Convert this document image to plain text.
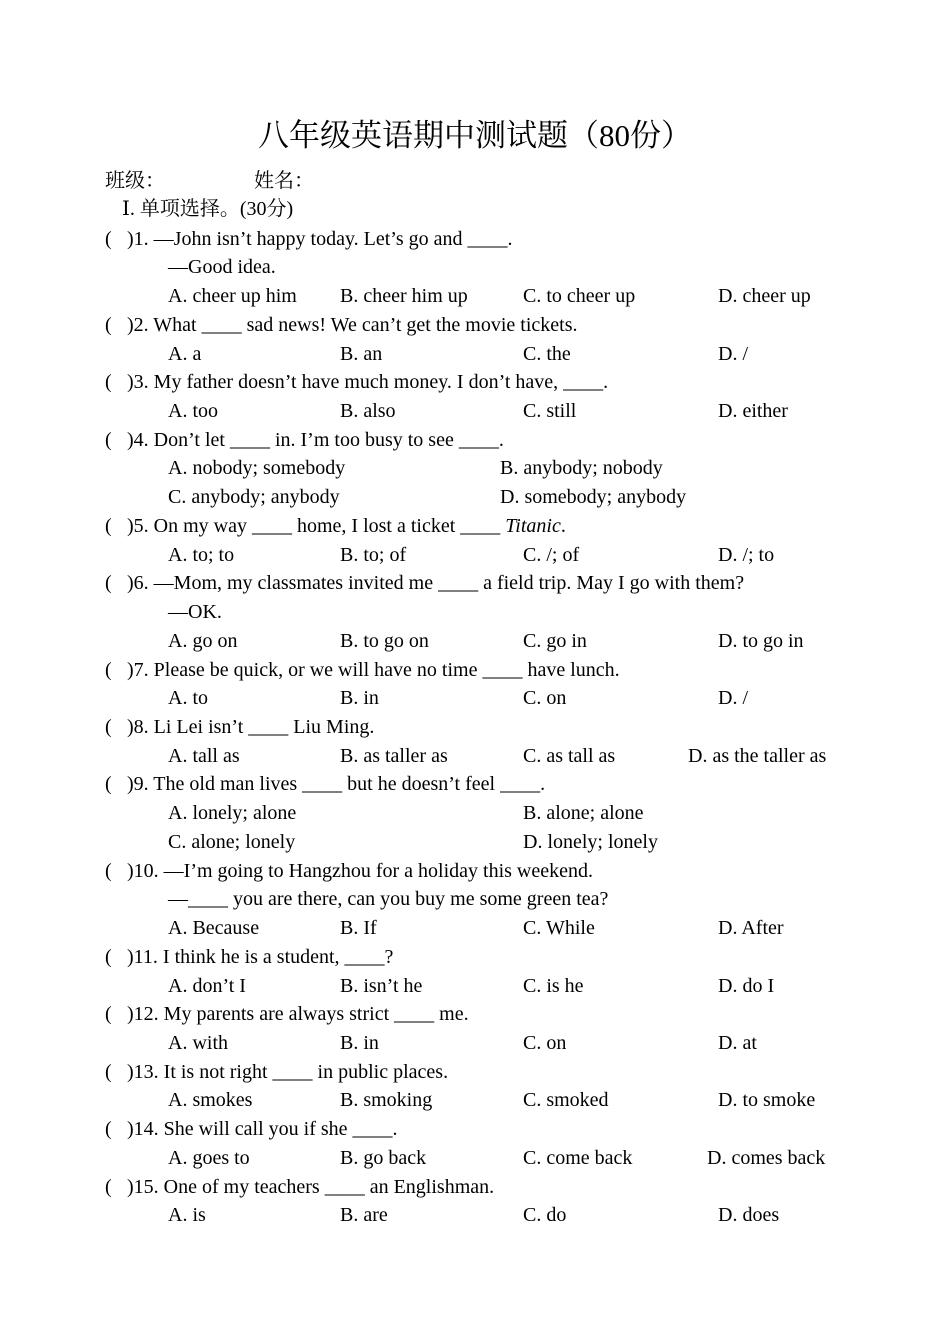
八年级英语期中测试题（80份）
班级：	姓名：
Ⅰ. 单项选择。(30分)
( )1. —John isn’t happy today. Let’s go and ____.
—Good idea.
A. cheer up him B. cheer him up	C. to cheer up	D. cheer up
( )2. What ____ sad news! We can’t get the movie tickets.
A. a	B. an	C. the	D. /
( )3. My father doesn’t have much money. I don’t have, ____.
A. too	B. also	C. still	D. either
( )4. Don’t let ____ in. I’m too busy to see ____.
A. nobody; somebody	B. anybody; nobody
C. anybody; anybody	D. somebody; anybody
( )5. On my way ____ home, I lost a ticket ____ Titanic.
A. to; to	B. to; of	C. /; of	D. /; to
( )6. —Mom, my classmates invited me ____ a field trip. May I go with them?
—OK.
A. go on	B. to go on	C. go in	D. to go in
( )7. Please be quick, or we will have no time ____ have lunch.
A. to	B. in	C. on	D. /
( )8. Li Lei isn’t ____ Liu Ming.
A. tall as	B. as taller as	C. as tall as	D. as the taller as
( )9. The old man lives ____ but he doesn’t feel ____.
A. lonely; alone	B. alone; alone
C. alone; lonely	D. lonely; lonely
( )10. —I’m going to Hangzhou for a holiday this weekend.
—____ you are there, can you buy me some green tea?
A. Because	B. If	C. While	D. After
( )11. I think he is a student, ____?
A. don’t I	B. isn’t he	C. is he	D. do I
( )12. My parents are always strict ____ me.
A. with	B. in	C. on	D. at
( )13. It is not right ____ in public places.
A. smokes	B. smoking	C. smoked	D. to smoke
( )14. She will call you if she ____.
A. goes to	B. go back	C. come back	D. comes back
( )15. One of my teachers ____ an Englishman.
A. is	B. are	C. do	D. does
